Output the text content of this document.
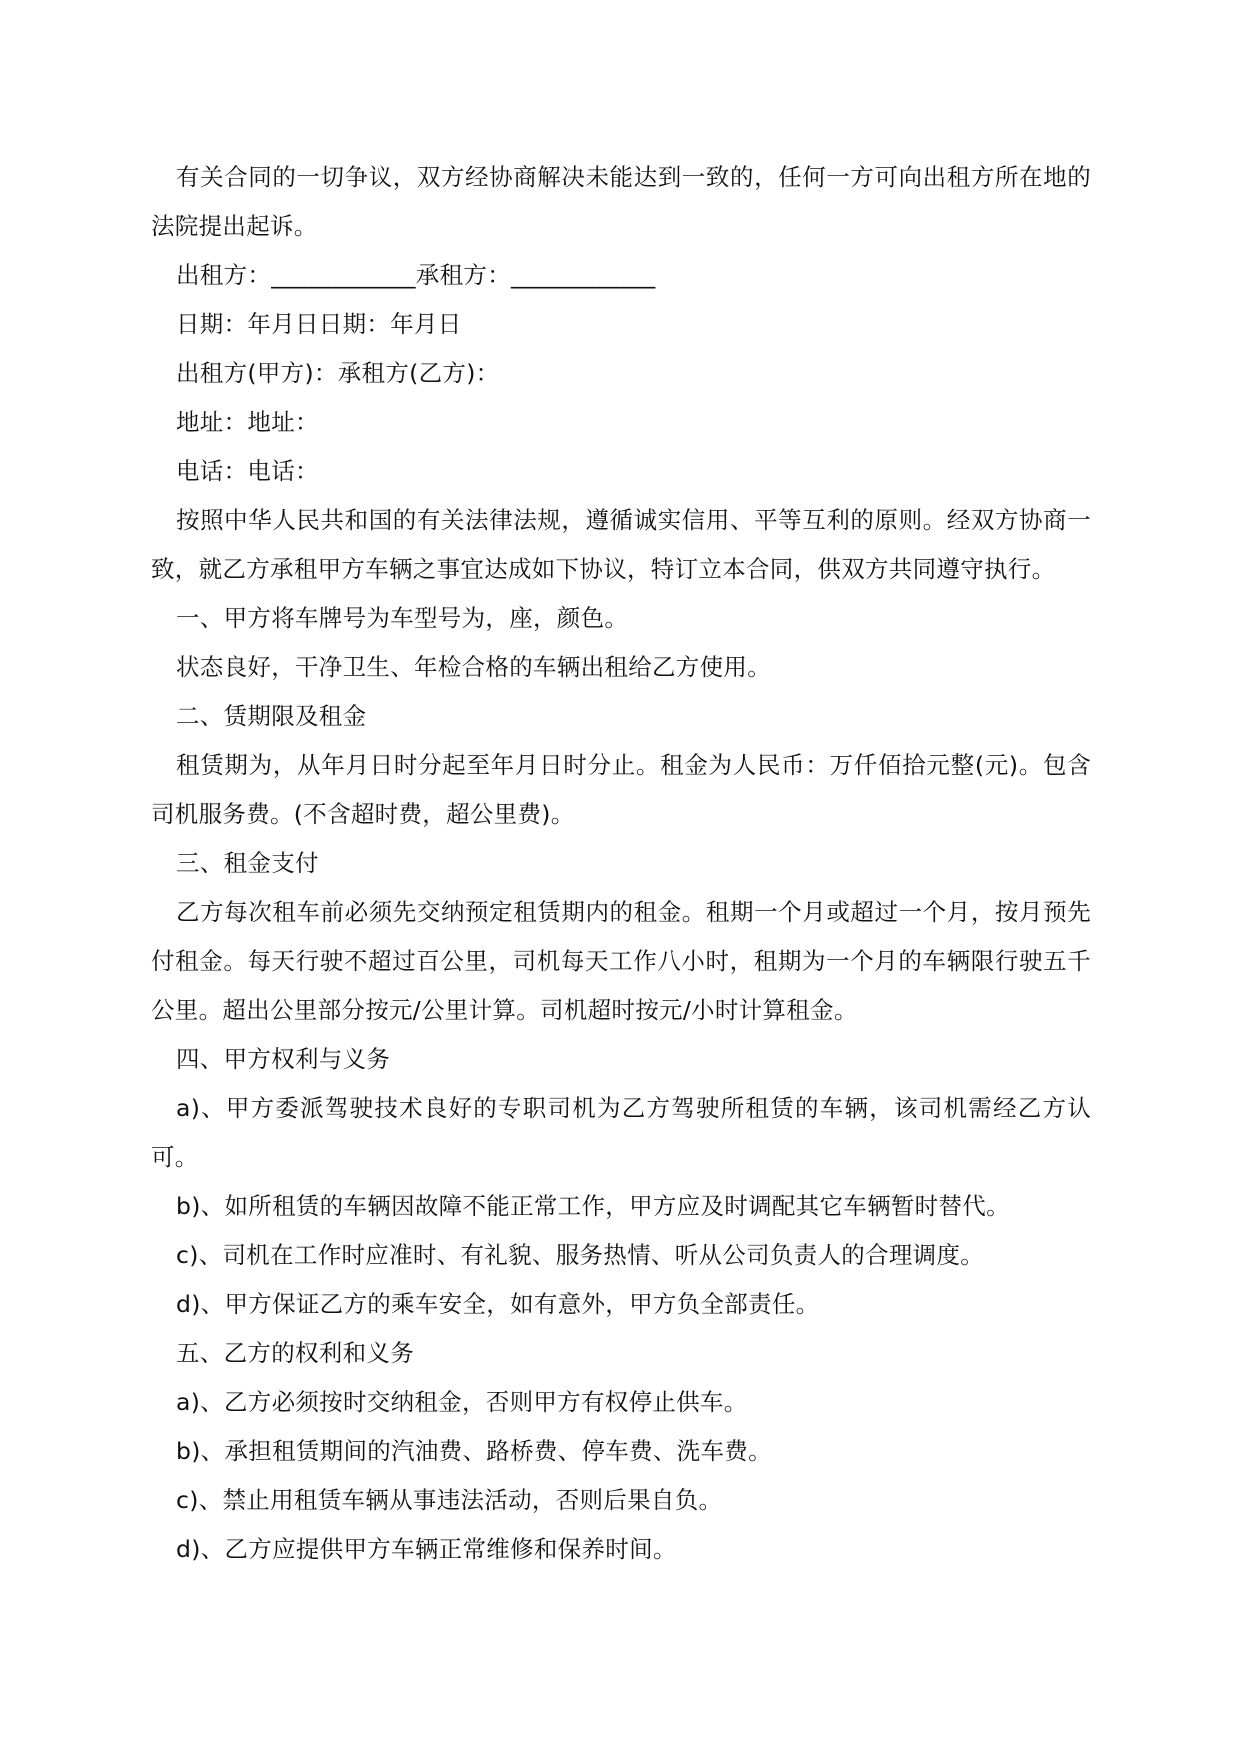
有关合同的一切争议，双方经协商解决未能达到一致的，任何一方可向出租方所在地的法院提出起诉。

出租方：____________承租方：____________

日期：年月日日期：年月日

出租方(甲方)：承租方(乙方)：

地址：地址：

电话：电话：

按照中华人民共和国的有关法律法规，遵循诚实信用、平等互利的原则。经双方协商一致，就乙方承租甲方车辆之事宜达成如下协议，特订立本合同，供双方共同遵守执行。

一、甲方将车牌号为车型号为，座，颜色。

状态良好，干净卫生、年检合格的车辆出租给乙方使用。

二、赁期限及租金

租赁期为，从年月日时分起至年月日时分止。租金为人民币：万仟佰拾元整(元)。包含司机服务费。(不含超时费，超公里费)。

三、租金支付

乙方每次租车前必须先交纳预定租赁期内的租金。租期一个月或超过一个月，按月预先付租金。每天行驶不超过百公里，司机每天工作八小时，租期为一个月的车辆限行驶五千公里。超出公里部分按元/公里计算。司机超时按元/小时计算租金。

四、甲方权利与义务

a)、甲方委派驾驶技术良好的专职司机为乙方驾驶所租赁的车辆，该司机需经乙方认可。

b)、如所租赁的车辆因故障不能正常工作，甲方应及时调配其它车辆暂时替代。

c)、司机在工作时应准时、有礼貌、服务热情、听从公司负责人的合理调度。

d)、甲方保证乙方的乘车安全，如有意外，甲方负全部责任。

五、乙方的权利和义务

a)、乙方必须按时交纳租金，否则甲方有权停止供车。

b)、承担租赁期间的汽油费、路桥费、停车费、洗车费。

c)、禁止用租赁车辆从事违法活动，否则后果自负。

d)、乙方应提供甲方车辆正常维修和保养时间。
